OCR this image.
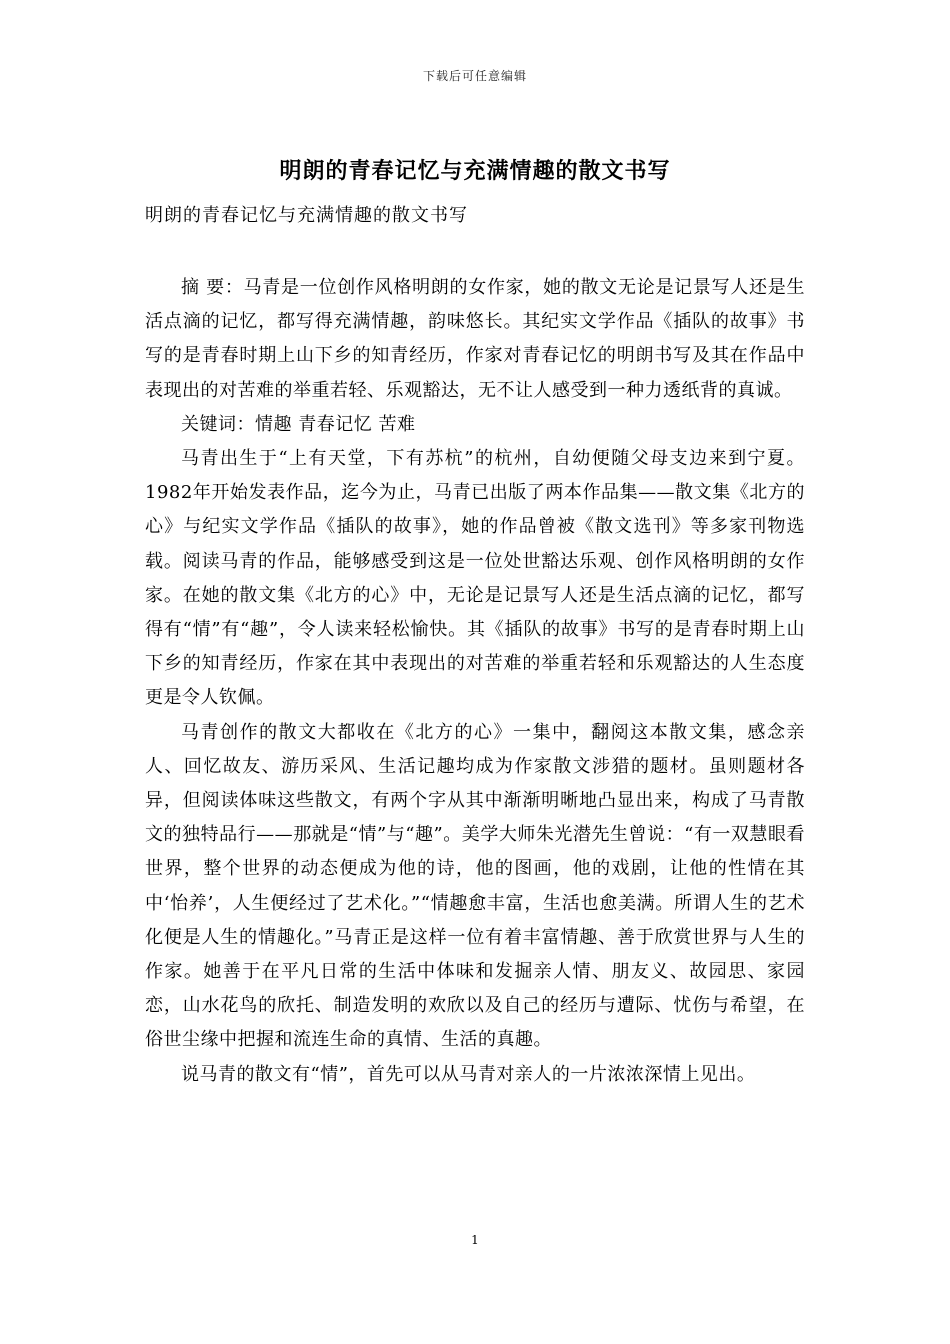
下载后可任意编辑
明朗的青春记忆与充满情趣的散文书写
明朗的青春记忆与充满情趣的散文书写

摘 要：马青是一位创作风格明朗的女作家，她的散文无论是记景写人还是生活点滴的记忆，都写得充满情趣，韵味悠长。其纪实文学作品《插队的故事》书写的是青春时期上山下乡的知青经历，作家对青春记忆的明朗书写及其在作品中表现出的对苦难的举重若轻、乐观豁达，无不让人感受到一种力透纸背的真诚。

关键词：情趣 青春记忆 苦难

马青出生于“上有天堂，下有苏杭”的杭州，自幼便随父母支边来到宁夏。1982年开始发表作品，迄今为止，马青已出版了两本作品集——散文集《北方的心》与纪实文学作品《插队的故事》，她的作品曾被《散文选刊》等多家刊物选载。阅读马青的作品，能够感受到这是一位处世豁达乐观、创作风格明朗的女作家。在她的散文集《北方的心》中，无论是记景写人还是生活点滴的记忆，都写得有“情”有“趣”，令人读来轻松愉快。其《插队的故事》书写的是青春时期上山下乡的知青经历，作家在其中表现出的对苦难的举重若轻和乐观豁达的人生态度更是令人钦佩。

马青创作的散文大都收在《北方的心》一集中，翻阅这本散文集，感念亲人、回忆故友、游历采风、生活记趣均成为作家散文涉猎的题材。虽则题材各异，但阅读体味这些散文，有两个字从其中渐渐明晰地凸显出来，构成了马青散文的独特品行——那就是“情”与“趣”。美学大师朱光潜先生曾说：“有一双慧眼看世界，整个世界的动态便成为他的诗，他的图画，他的戏剧，让他的性情在其中‘怡养’，人生便经过了艺术化。”“情趣愈丰富，生活也愈美满。所谓人生的艺术化便是人生的情趣化。”马青正是这样一位有着丰富情趣、善于欣赏世界与人生的作家。她善于在平凡日常的生活中体味和发掘亲人情、朋友义、故园思、家园恋，山水花鸟的欣托、制造发明的欢欣以及自己的经历与遭际、忧伤与希望，在俗世尘缘中把握和流连生命的真情、生活的真趣。

说马青的散文有“情”，首先可以从马青对亲人的一片浓浓深情上见出。

1
